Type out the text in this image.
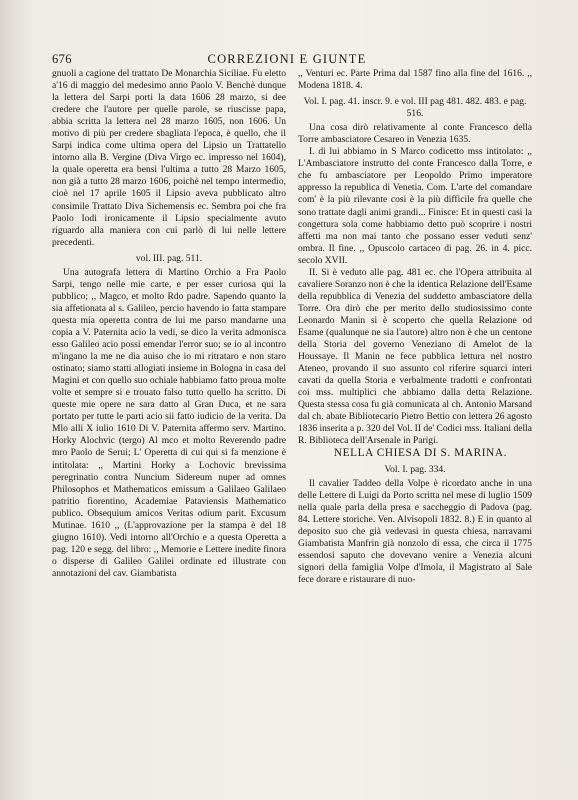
676	CORREZIONI E GIUNTE

gnuoli a cagione del trattato De Monarchia Siciliae. Fu eletto a'16 di maggio del medesimo anno Paolo V. Benchè dunque la lettera del Sarpi porti la data 1606 28 marzo, si dee credere che l'autore per quelle parole, se riuscisse papa, abbia scritta la lettera nel 28 marzo 1605, non 1606. Un motivo di più per credere sbagliata l'epoca, è quello, che il Sarpi indica come ultima opera del Lipsio un Trattatello intorno alla B. Vergine (Diva Virgo ec. impresso nel 1604), la quale operetta era bensì l'ultima a tutto 28 Marzo 1605, non già a tutto 28 marzo 1606, poichè nel tempo intermedio, cioè nel 17 aprile 1605 il Lipsio aveva pubblicato altro consimile Trattato Diva Sichemensis ec. Sembra poi che fra Paolo Iodi ironicamente il Lipsio specialmente avuto riguardo alla maniera con cui parlò di lui nelle lettere precedenti.

vol. III. pag. 511.

Una autografa lettera di Martino Orchio a Fra Paolo Sarpi, tengo nelle mie carte, e per esser curiosa qui la pubblico; ,, Magco, et molto Rdo padre. Sapendo quanto la sia affetionata al s. Galileo, percio havendo io fatta stampare questa mia operetta contra de lui me parso mandarne una copia a V. Paternita acio la vedi, se dico la verita admonisca esso Galileo acio possi emendar l'error suo; se io al incontro m'ingano la me ne dia auiso che io mi ritrataro e non staro ostinato; siamo statti allogiati insieme in Bologna in casa del Magini et con quello suo ochiale habbiamo fatto proua molte volte et sempre si e trouato falso tutto quello ha scritto. Di queste mie opere ne sara datto al Gran Duca, et ne sara portato per tutte le parti acio sii fatto iudicio de la verita. Da Mlo alli X iulio 1610 Di V. Paternita affermo serv. Martino. Horky Alochvic (tergo) Al mco et molto Reverendo padre mro Paolo de Serui; L' Operetta di cui qui si fa menzione è intitolata: ,, Martini Horky a Lochovic brevissima peregrinatio contra Nuncium Sidereum nuper ad omnes Philosophos et Mathematicos emissum a Galilaeo Galilaeo patritio fiorentino, Academiae Pataviensis Mathematico publico. Obsequium amicos Veritas odium parit. Excusum Mutinae. 1610 ,, (L'approvazione per la stampa è del 18 giugno 1610). Vedi intorno all'Orchio e a questa Operetta a pag. 120 e segg. del libro: ,, Memorie e Lettere inedite finora o disperse di Galileo Galilei ordinate ed illustrate con annotazioni del cav. Giambatista

,, Venturi ec. Parte Prima dal 1587 fino alla fine del 1616. ,, Modena 1818. 4.

Vol. I. pag. 41. inscr. 9. e vol. III pag 481. 482. 483. e pag. 516.

Una cosa dirò relativamente al conte Francesco della Torre ambasciatore Cesareo in Venezia 1635.

I. di lui abbiamo in S Marco codicetto mss intitolato: ,, L'Ambasciatore instrutto del conte Francesco dalla Torre, e che fu ambasciatore per Leopoldo Primo imperatore appresso la republica di Venetia. Com. L'arte del comandare com' è la più rilevante cosi è la più difficile fra quelle che sono trattate dagli animi grandi... Finisce: Et in questi casi la congettura sola come habbiamo detto può scoprire i nostri affetti ma non mai tanto che possano esser veduti senz' ombra. Il fine. ,, Opuscolo cartaceo di pag. 26. in 4. picc. secolo XVII.

II. Si è veduto alle pag. 481 ec. che l'Opera attribuita al cavaliere Soranzo non è che la identica Relazione dell'Esame della repubblica di Venezia del suddetto ambasciatore della Torre. Ora dirò che per merito dello studiosissimo conte Leonardo Manin si è scoperto che quella Relazione od Esame (qualunque ne sia l'autore) altro non è che un centone della Storia del governo Veneziano di Amelot de la Houssaye. Il Manin ne fece pubblica lettura nel nostro Ateneo, provando il suo assunto col riferire squarci interi cavati da quella Storia e verbalmente tradotti e confrontati coi mss. multiplici che abbiamo dalla detta Relazione. Questa stessa cosa fu già comunicata al ch. Antonio Marsand dal ch. abate Bibliotecario Pietro Bettio con lettera 26 agosto 1836 inserita a p. 320 del Vol. II de' Codici mss. Italiani della R. Biblioteca dell'Arsenale in Parigi.

NELLA CHIESA DI S. MARINA.

Vol. I. pag. 334.

Il cavalier Taddeo della Volpe è ricordato anche in una delle Lettere di Luigi da Porto scritta nel mese di luglio 1509 nella quale parla della presa e saccheggio di Padova (pag. 84. Lettere storiche. Ven. Alvisopoli 1832. 8.) E in quanto al deposito suo che già vedevasi in questa chiesa, narravami Giambatista Manfrin già nonzolo di essa, che circa il 1775 essendosi saputo che dovevano venire a Venezia alcuni signori della famiglia Volpe d'Imola, il Magistrato al Sale fece dorare e ristaurare di nuo-
